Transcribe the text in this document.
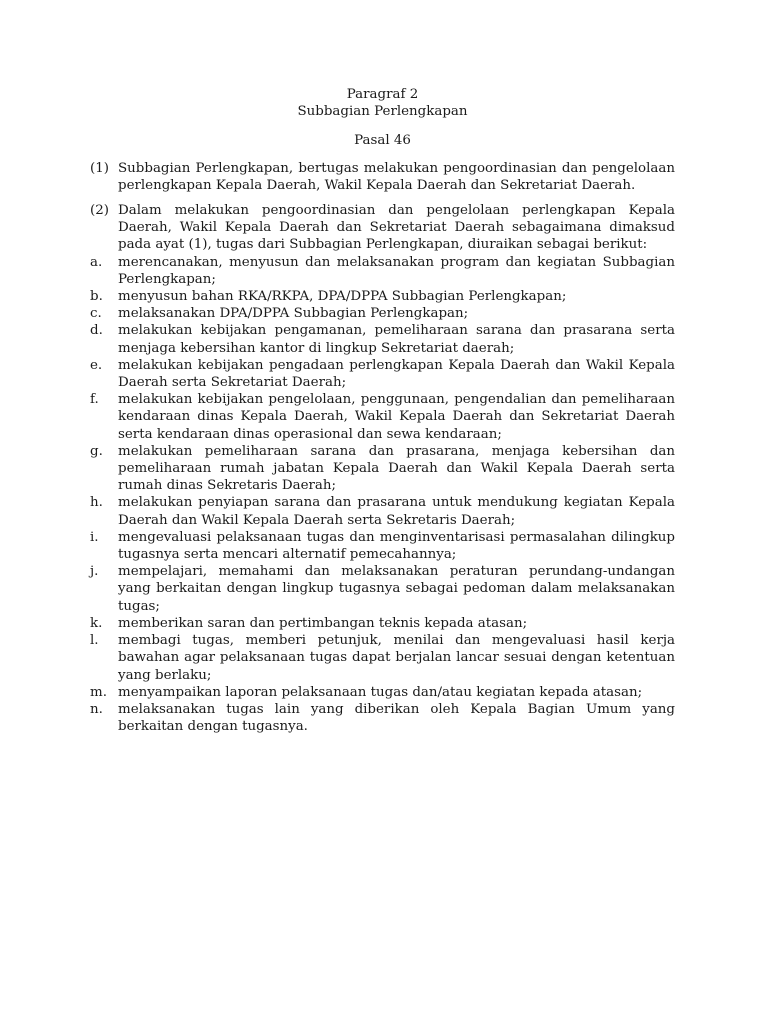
Paragraf 2
Subbagian Perlengkapan
Pasal 46
(1) Subbagian Perlengkapan, bertugas melakukan pengoordinasian dan pengelolaan perlengkapan Kepala Daerah, Wakil Kepala Daerah dan Sekretariat Daerah.
(2) Dalam melakukan pengoordinasian dan pengelolaan perlengkapan Kepala Daerah, Wakil Kepala Daerah dan Sekretariat Daerah sebagaimana dimaksud pada ayat (1), tugas dari Subbagian Perlengkapan, diuraikan sebagai berikut:
a.	merencanakan, menyusun dan melaksanakan program dan kegiatan Subbagian Perlengkapan;
b.	menyusun bahan RKA/RKPA, DPA/DPPA Subbagian Perlengkapan;
c.	melaksanakan DPA/DPPA Subbagian Perlengkapan;
d.	melakukan kebijakan pengamanan, pemeliharaan sarana dan prasarana serta menjaga kebersihan kantor di lingkup Sekretariat daerah;
e.	melakukan kebijakan pengadaan perlengkapan Kepala Daerah dan Wakil Kepala Daerah serta Sekretariat Daerah;
f.	melakukan kebijakan pengelolaan, penggunaan, pengendalian dan pemeliharaan kendaraan dinas Kepala Daerah, Wakil Kepala Daerah dan Sekretariat Daerah serta kendaraan dinas operasional dan sewa kendaraan;
g.	melakukan pemeliharaan sarana dan prasarana, menjaga kebersihan dan pemeliharaan rumah jabatan Kepala Daerah dan Wakil Kepala Daerah serta rumah dinas Sekretaris Daerah;
h.	melakukan penyiapan sarana dan prasarana untuk mendukung kegiatan Kepala Daerah dan Wakil Kepala Daerah serta Sekretaris Daerah;
i.	mengevaluasi pelaksanaan tugas dan menginventarisasi permasalahan dilingkup tugasnya serta mencari alternatif pemecahannya;
j.	mempelajari, memahami dan melaksanakan peraturan perundang-undangan yang berkaitan dengan lingkup tugasnya sebagai pedoman dalam melaksanakan tugas;
k.	memberikan saran dan pertimbangan teknis kepada atasan;
l.	membagi tugas, memberi petunjuk, menilai dan mengevaluasi hasil kerja bawahan agar pelaksanaan tugas dapat berjalan lancar sesuai dengan ketentuan yang berlaku;
m. menyampaikan laporan pelaksanaan tugas dan/atau kegiatan kepada atasan;
n.	melaksanakan tugas lain yang diberikan oleh Kepala Bagian Umum yang berkaitan dengan tugasnya.
